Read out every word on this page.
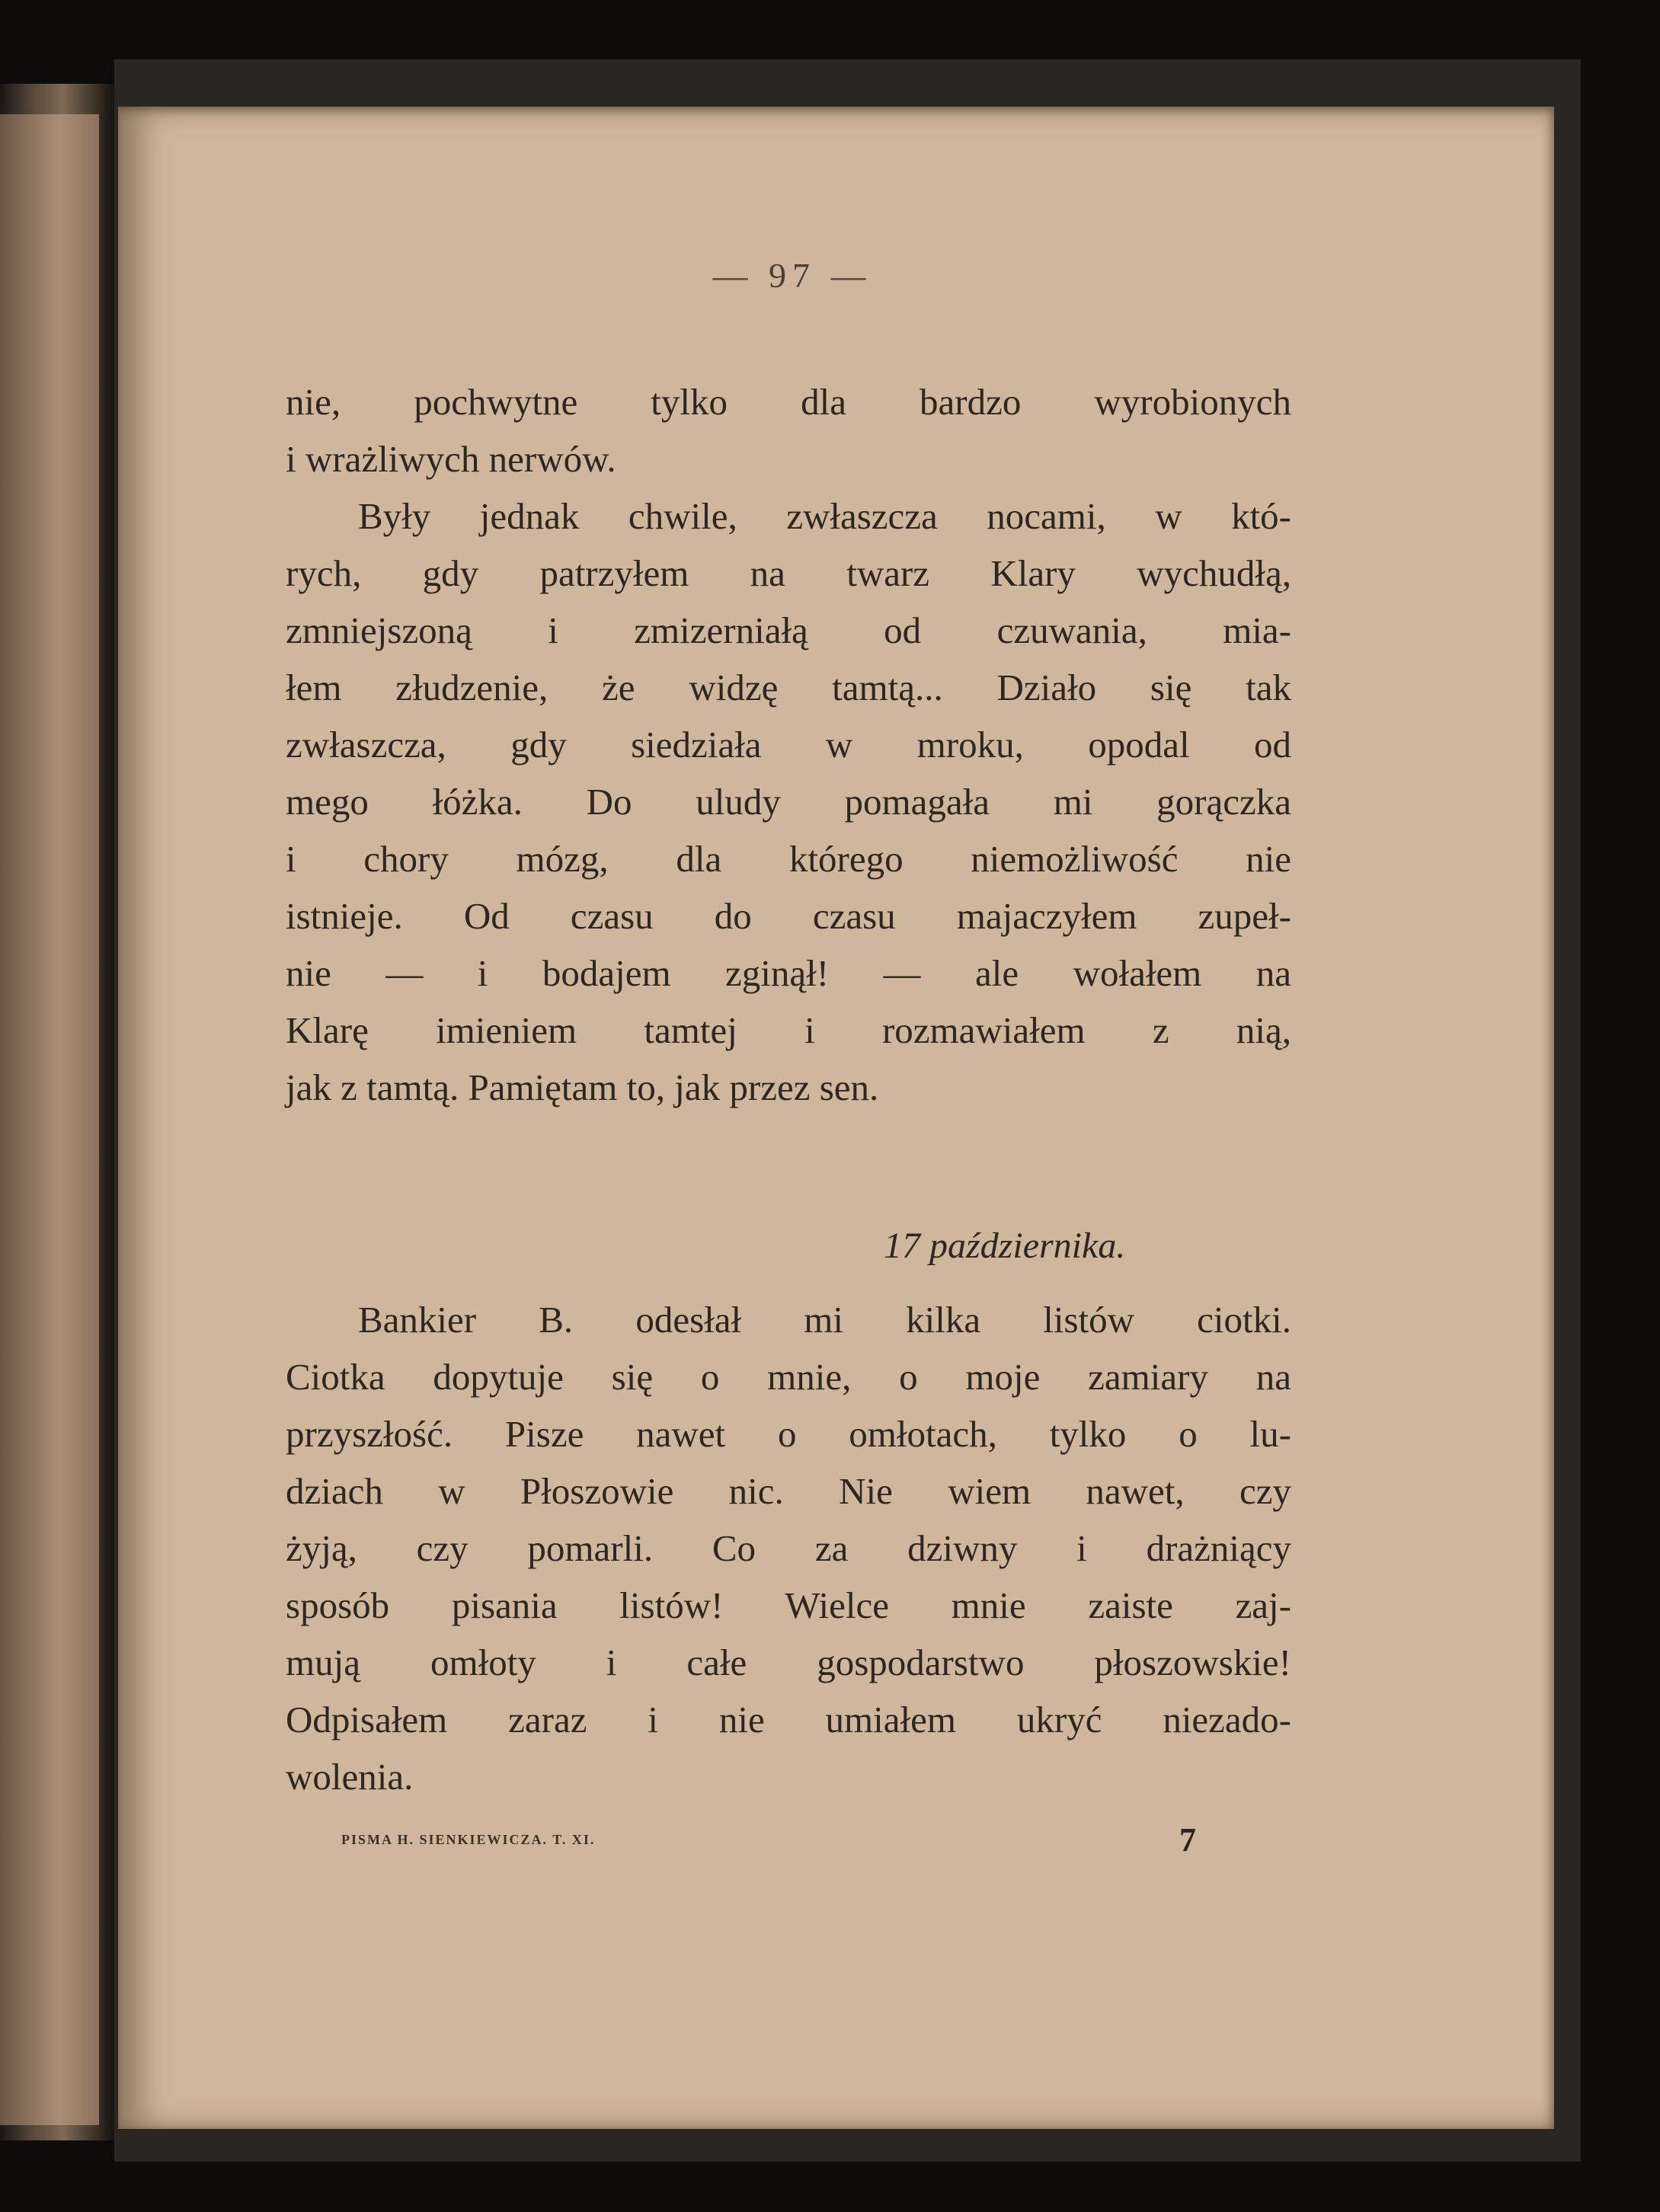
— 97 —
nie, pochwytne tylko dla bardzo wyrobionych
i wrażliwych nerwów.
Były jednak chwile, zwłaszcza nocami, w któ-
rych, gdy patrzyłem na twarz Klary wychudłą,
zmniejszoną i zmizerniałą od czuwania, mia-
łem złudzenie, że widzę tamtą... Działo się tak
zwłaszcza, gdy siedziała w mroku, opodal od
mego łóżka. Do uludy pomagała mi gorączka
i chory mózg, dla którego niemożliwość nie
istnieje. Od czasu do czasu majaczyłem zupeł-
nie — i bodajem zginął! — ale wołałem na
Klarę imieniem tamtej i rozmawiałem z nią,
jak z tamtą. Pamiętam to, jak przez sen.
17 października.
Bankier B. odesłał mi kilka listów ciotki.
Ciotka dopytuje się o mnie, o moje zamiary na
przyszłość. Pisze nawet o omłotach, tylko o lu-
dziach w Płoszowie nic. Nie wiem nawet, czy
żyją, czy pomarli. Co za dziwny i drażniący
sposób pisania listów! Wielce mnie zaiste zaj-
mują omłoty i całe gospodarstwo płoszowskie!
Odpisałem zaraz i nie umiałem ukryć niezado-
wolenia.
PISMA H. SIENKIEWICZA. T. XI.	7
